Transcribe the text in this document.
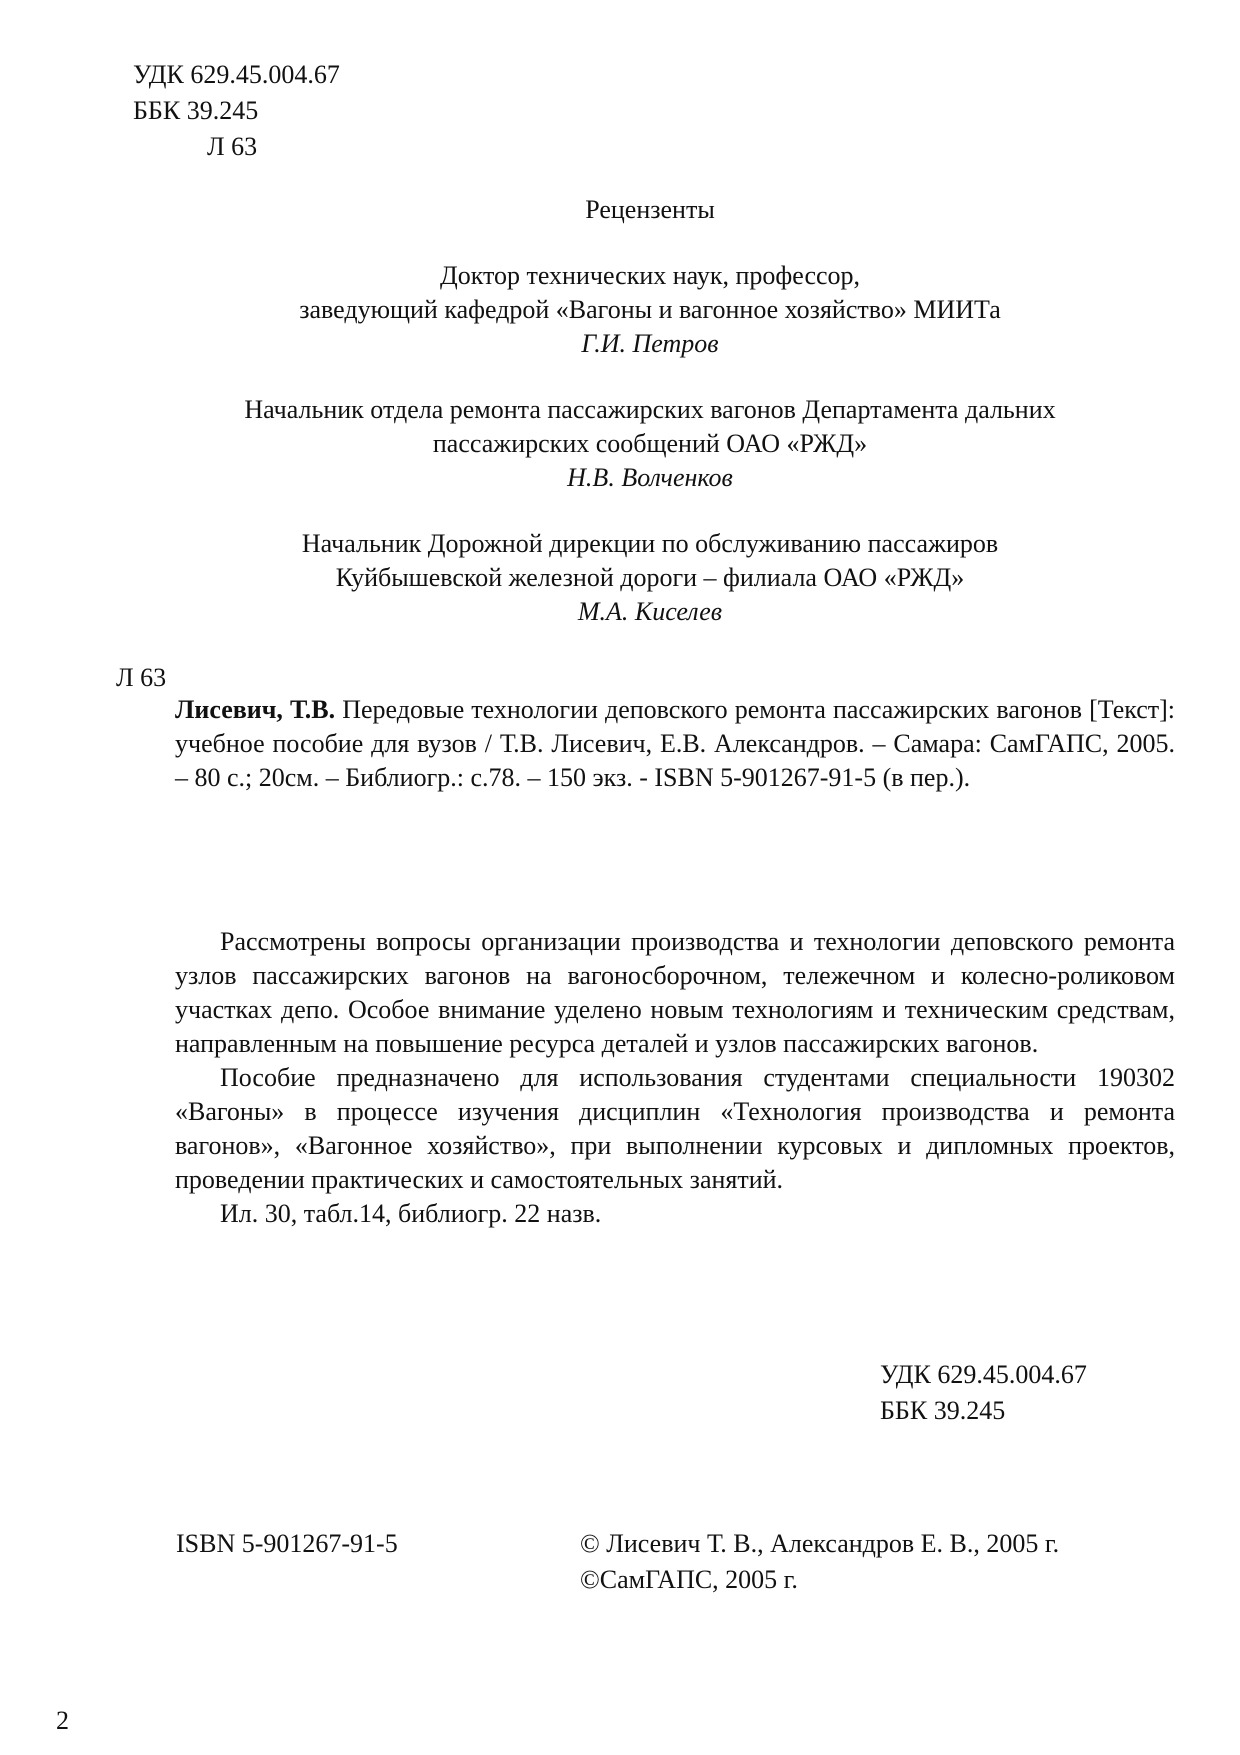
УДК 629.45.004.67
ББК 39.245
Л 63
Рецензенты

Доктор технических наук, профессор,

заведующий кафедрой «Вагоны и вагонное хозяйство» МИИТа

Г.И. Петров

Начальник отдела ремонта пассажирских вагонов Департамента дальних

пассажирских сообщений ОАО «РЖД»

Н.В. Волченков

Начальник Дорожной дирекции по обслуживанию пассажиров

Куйбышевской железной дороги – филиала ОАО «РЖД»

М.А. Киселев

Л 63

Лисевич, Т.В. Передовые технологии деповского ремонта пассажирских вагонов [Текст]: учебное пособие для вузов / Т.В. Лисевич, Е.В. Александров. – Самара: СамГАПС, 2005. – 80 с.; 20см. – Библиогр.: с.78. – 150 экз. - ISBN 5-901267-91-5 (в пер.).

Рассмотрены вопросы организации производства и технологии деповского ремонта узлов пассажирских вагонов на вагоносборочном, тележечном и колесно-роликовом участках депо. Особое внимание уделено новым технологиям и техническим средствам, направленным на повышение ресурса деталей и узлов пассажирских вагонов.

Пособие предназначено для использования студентами специальности 190302 «Вагоны» в процессе изучения дисциплин «Технология производства и ремонта вагонов», «Вагонное хозяйство», при выполнении курсовых и дипломных проектов, проведении практических и самостоятельных занятий.

Ил. 30, табл.14, библиогр. 22 назв.

УДК 629.45.004.67
ББК 39.245
ISBN 5-901267-91-5	© Лисевич Т. В., Александров Е. В., 2005 г.
©СамГАПС, 2005 г.
2
